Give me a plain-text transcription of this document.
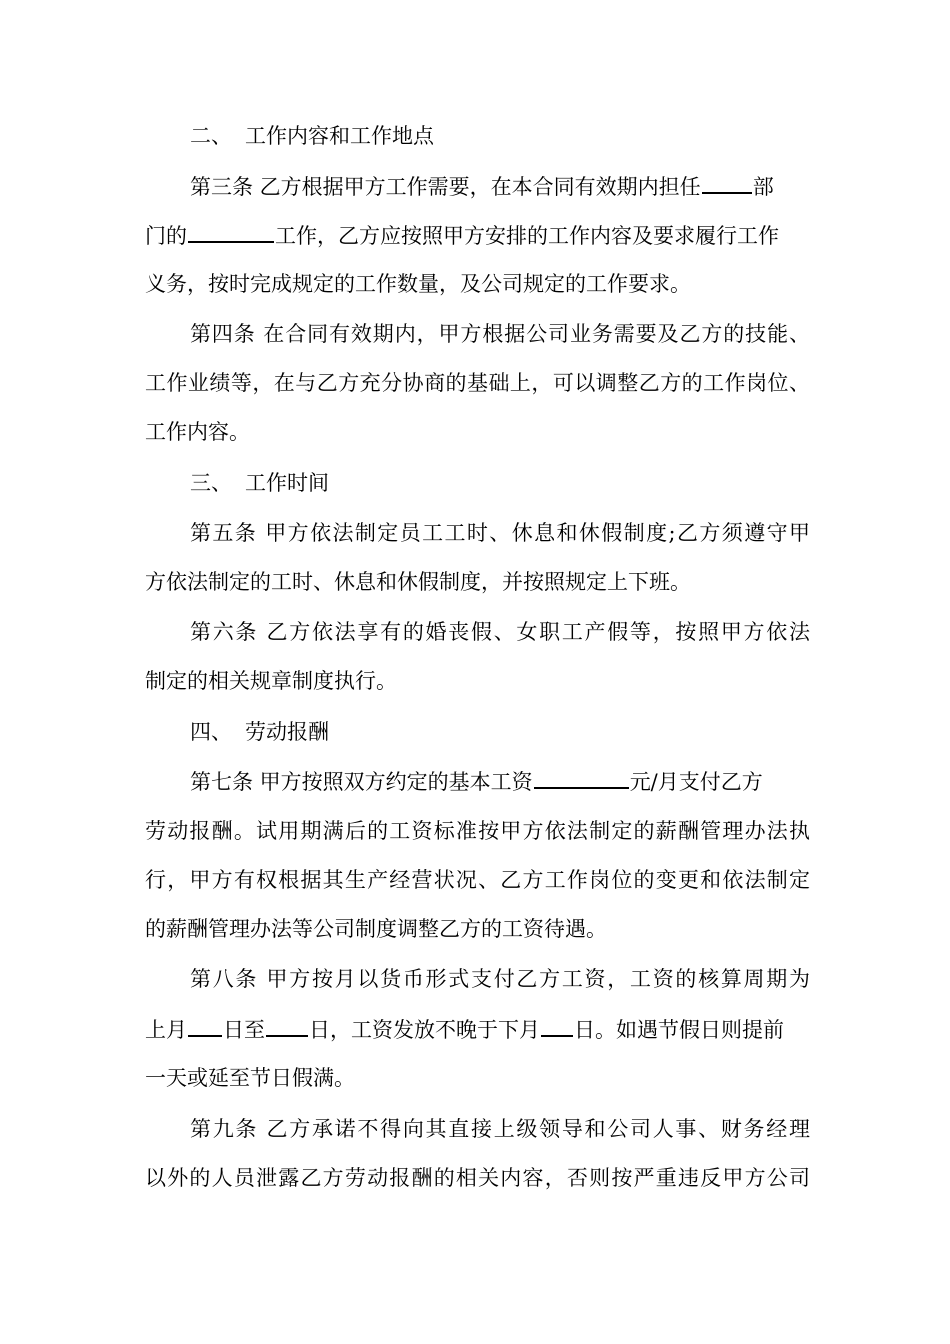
二、 工作内容和工作地点
第三条 乙方根据甲方工作需要，在本合同有效期内担任 部
门的	工作，乙方应按照甲方安排的工作内容及要求履行工作
义务，按时完成规定的工作数量，及公司规定的工作要求。
第四条 在合同有效期内，甲方根据公司业务需要及乙方的技能、
工作业绩等，在与乙方充分协商的基础上，可以调整乙方的工作岗位、
工作内容。
三、 工作时间
第五条 甲方依法制定员工工时、休息和休假制度;乙方须遵守甲
方依法制定的工时、休息和休假制度，并按照规定上下班。
第六条 乙方依法享有的婚丧假、女职工产假等，按照甲方依法
制定的相关规章制度执行。
四、 劳动报酬
第七条 甲方按照双方约定的基本工资	元/月支付乙方
劳动报酬。试用期满后的工资标准按甲方依法制定的薪酬管理办法执
行，甲方有权根据其生产经营状况、乙方工作岗位的变更和依法制定
的薪酬管理办法等公司制度调整乙方的工资待遇。
第八条 甲方按月以货币形式支付乙方工资，工资的核算周期为
上月 日至 日，工资发放不晚于下月 日。如遇节假日则提前
一天或延至节日假满。
第九条 乙方承诺不得向其直接上级领导和公司人事、财务经理
以外的人员泄露乙方劳动报酬的相关内容，否则按严重违反甲方公司
